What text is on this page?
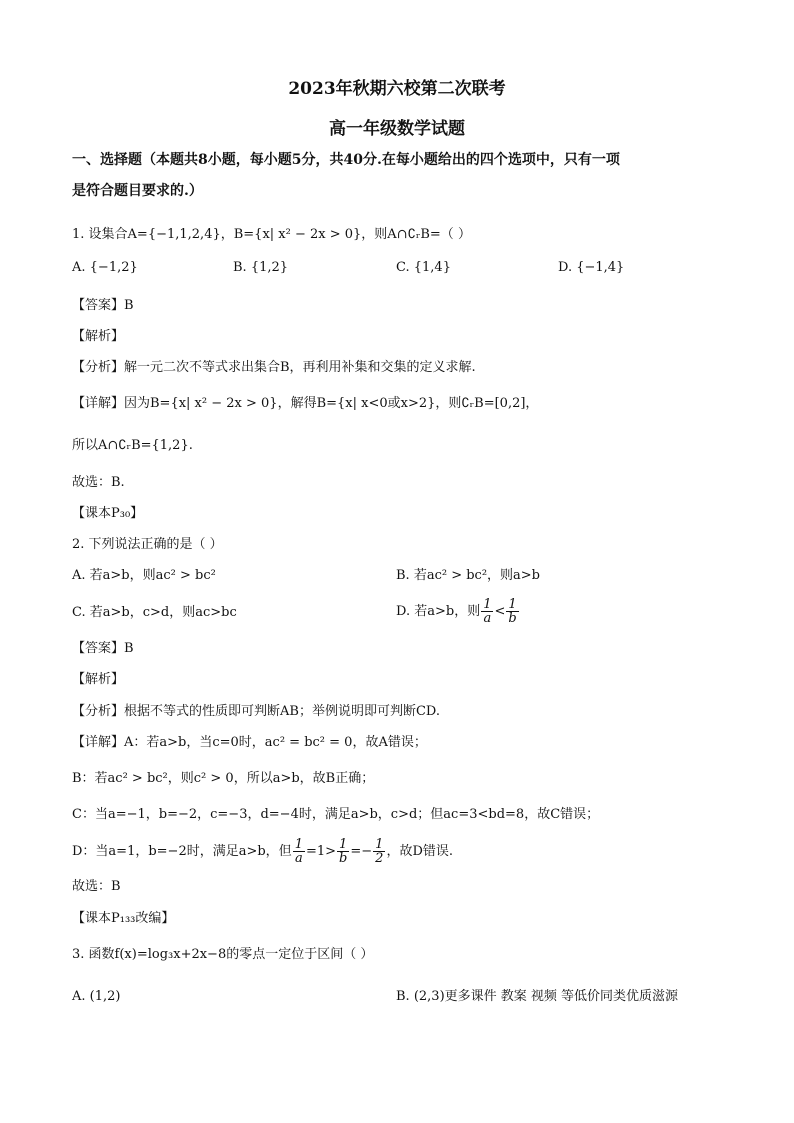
2023年秋期六校第二次联考
高一年级数学试题
一、选择题（本题共8小题，每小题5分，共40分.在每小题给出的四个选项中，只有一项
是符合题目要求的.）
1. 设集合A={−1,1,2,4}，B={x| x² − 2x > 0}，则A∩∁ᵣB=（ ）
A. {−1,2}	B. {1,2}	C. {1,4}	D. {−1,4}
【答案】B
【解析】
【分析】解一元二次不等式求出集合B，再利用补集和交集的定义求解.
【详解】因为B={x| x² − 2x > 0}，解得B={x| x<0或x>2}，则∁ᵣB=[0,2]，
所以A∩∁ᵣB={1,2}.
故选：B.
【课本P₃₀】
2. 下列说法正确的是（ ）
A. 若a>b，则ac² > bc²	B. 若ac² > bc²，则a>b
C. 若a>b，c>d，则ac>bc	D. 若a>b，则 $\frac{1}{a} < \frac{1}{b}$
【答案】B
【解析】
【分析】根据不等式的性质即可判断AB；举例说明即可判断CD.
【详解】A：若a>b，当c=0时，ac² = bc² = 0，故A错误；
B：若ac² > bc²，则c² > 0，所以a>b，故B正确；
C：当a=−1，b=−2，c=−3，d=−4时，满足a>b，c>d；但ac=3<bd=8，故C错误；
D：当a=1，b=−2时，满足a>b，但 $\frac{1}{a} =1> \frac{1}{b} =- \frac{1}{2}$ ，故D错误.
故选：B
【课本P₁₃₃改编】
3. 函数f(x)=log₃x+2x−8的零点一定位于区间（ ）
A. (1,2)	B. (2,3)更多课件 教案 视频 等低价同类优质滋源
